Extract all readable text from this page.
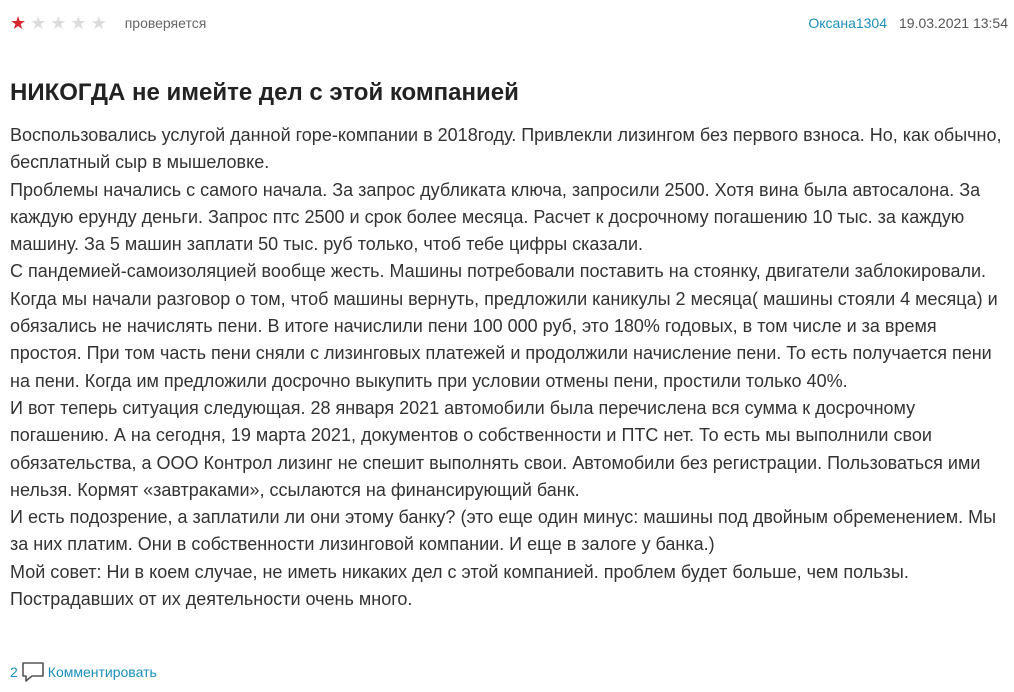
★ ★ ★ ★ ★ проверяется	Оксана1304 19.03.2021 13:54
НИКОГДА не имейте дел с этой компанией

Воспользовались услугой данной горе-компании в 2018году. Привлекли лизингом без первого взноса. Но, как обычно, бесплатный сыр в мышеловке.

Проблемы начались с самого начала. За запрос дубликата ключа, запросили 2500. Хотя вина была автосалона. За каждую ерунду деньги. Запрос птс 2500 и срок более месяца. Расчет к досрочному погашению 10 тыс. за каждую машину. За 5 машин заплати 50 тыс. руб только, чтоб тебе цифры сказали.

С пандемией-самоизоляцией вообще жесть. Машины потребовали поставить на стоянку, двигатели заблокировали. Когда мы начали разговор о том, чтоб машины вернуть, предложили каникулы 2 месяца( машины стояли 4 месяца) и обязались не начислять пени. В итоге начислили пени 100 000 руб, это 180% годовых, в том числе и за время простоя. При том часть пени сняли с лизинговых платежей и продолжили начисление пени. То есть получается пени на пени. Когда им предложили досрочно выкупить при условии отмены пени, простили только 40%.

И вот теперь ситуация следующая. 28 января 2021 автомобили была перечислена вся сумма к досрочному погашению. А на сегодня, 19 марта 2021, документов о собственности и ПТС нет. То есть мы выполнили свои обязательства, а ООО Контрол лизинг не спешит выполнять свои. Автомобили без регистрации. Пользоваться ими нельзя. Кормят «завтраками», ссылаются на финансирующий банк.

И есть подозрение, а заплатили ли они этому банку? (это еще один минус: машины под двойным обременением. Мы за них платим. Они в собственности лизинговой компании. И еще в залоге у банка.)

Мой совет: Ни в коем случае, не иметь никаких дел с этой компанией. проблем будет больше, чем пользы. Пострадавших от их деятельности очень много.

2 Комментировать
